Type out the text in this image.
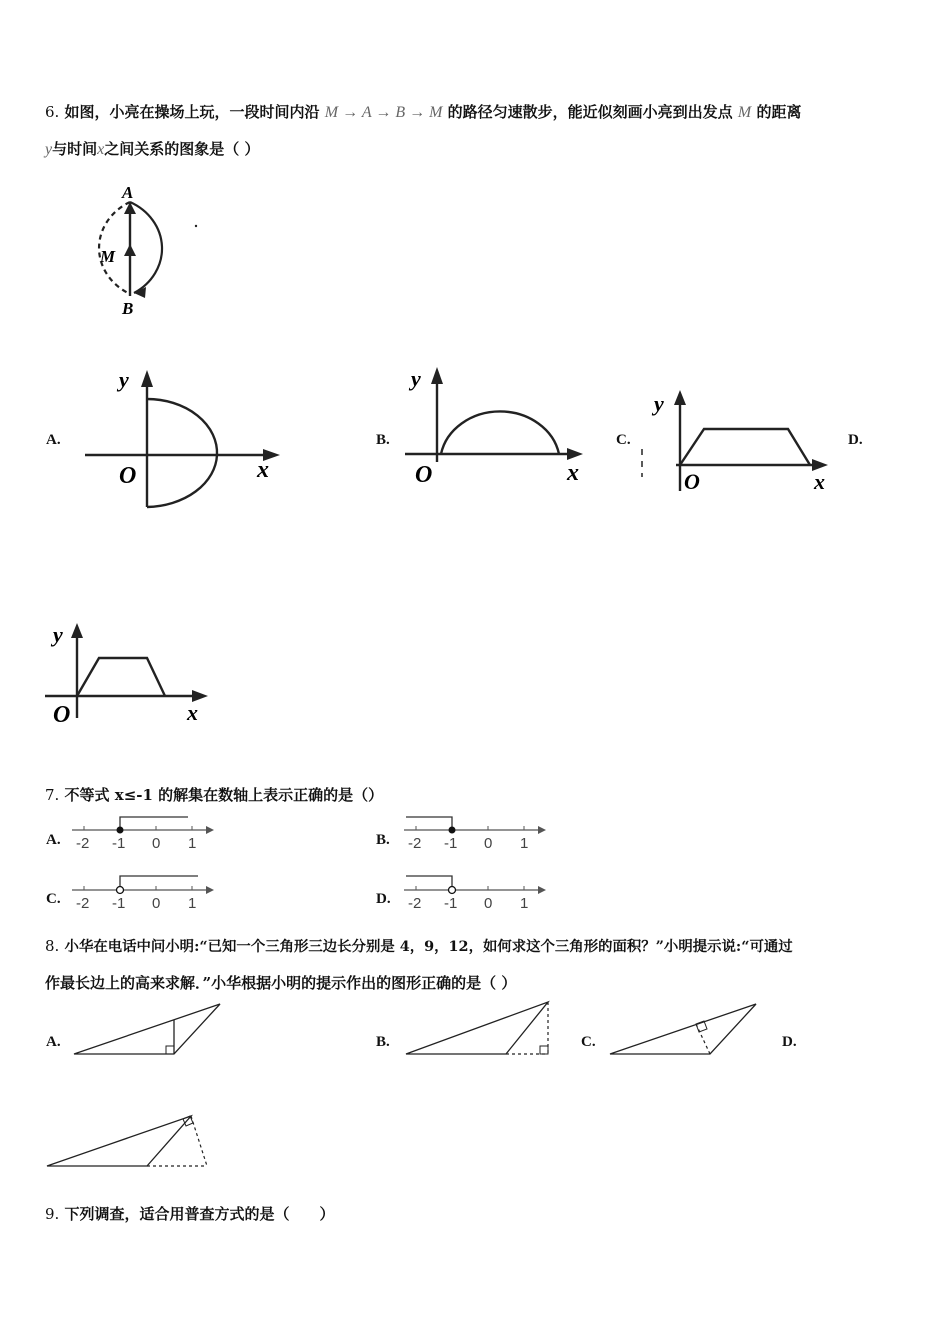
6. 如图，小亮在操场上玩，一段时间内沿 M → A → B → M 的路径匀速散步，能近似刻画小亮到出发点 M 的距离
y与时间x之间关系的图象是（ ）
A
M
B
A.
y
O	x
B.
y
O	x
C.
y
O	x
D.
y
O	x
7. 不等式 x≤-1 的解集在数轴上表示正确的是（）
A. -2 -1 0 1	B. -2 -1 0 1
C. -2 -1 0 1	D. -2 -1 0 1
8. 小华在电话中问小明:“已知一个三角形三边长分别是 4，9，12，如何求这个三角形的面积？”小明提示说:“可通过
作最长边上的高来求解．”小华根据小明的提示作出的图形正确的是（ ）
A.	B.	C.	D.
9. 下列调查，适合用普查方式的是（　　）
